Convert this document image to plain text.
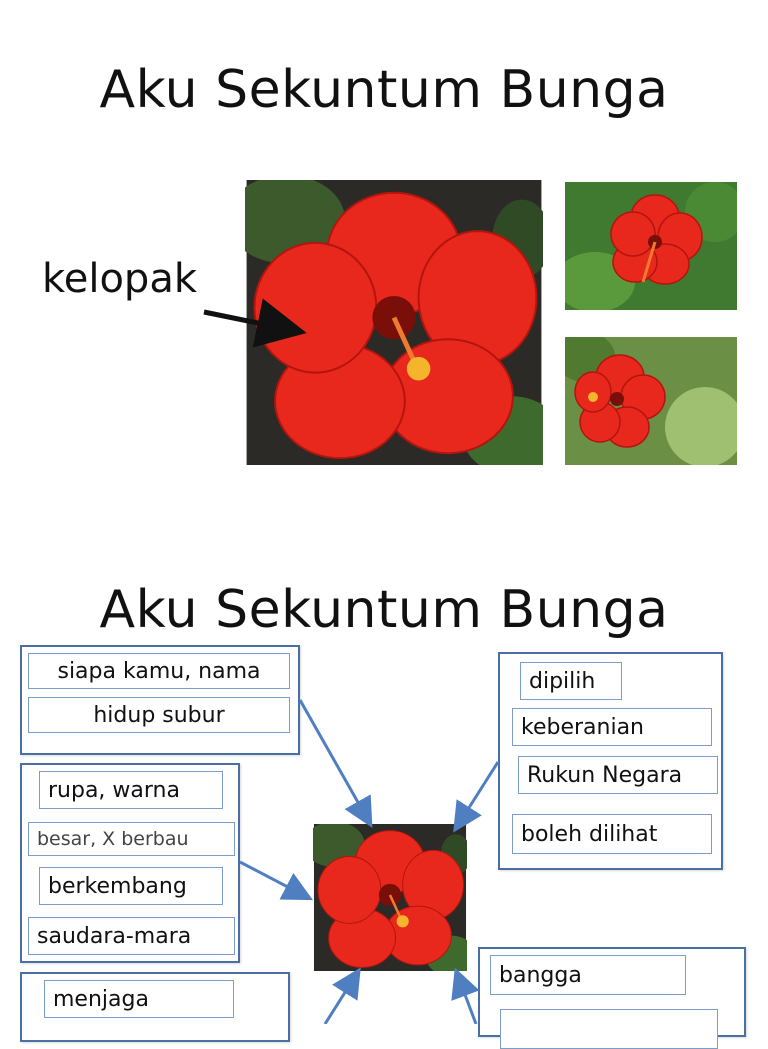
Aku Sekuntum Bunga
kelopak
Aku Sekuntum Bunga
siapa kamu, nama
hidup subur
rupa, warna
besar, X berbau
berkembang
saudara-mara
menjaga
dipilih
keberanian
Rukun Negara
boleh dilihat
bangga
